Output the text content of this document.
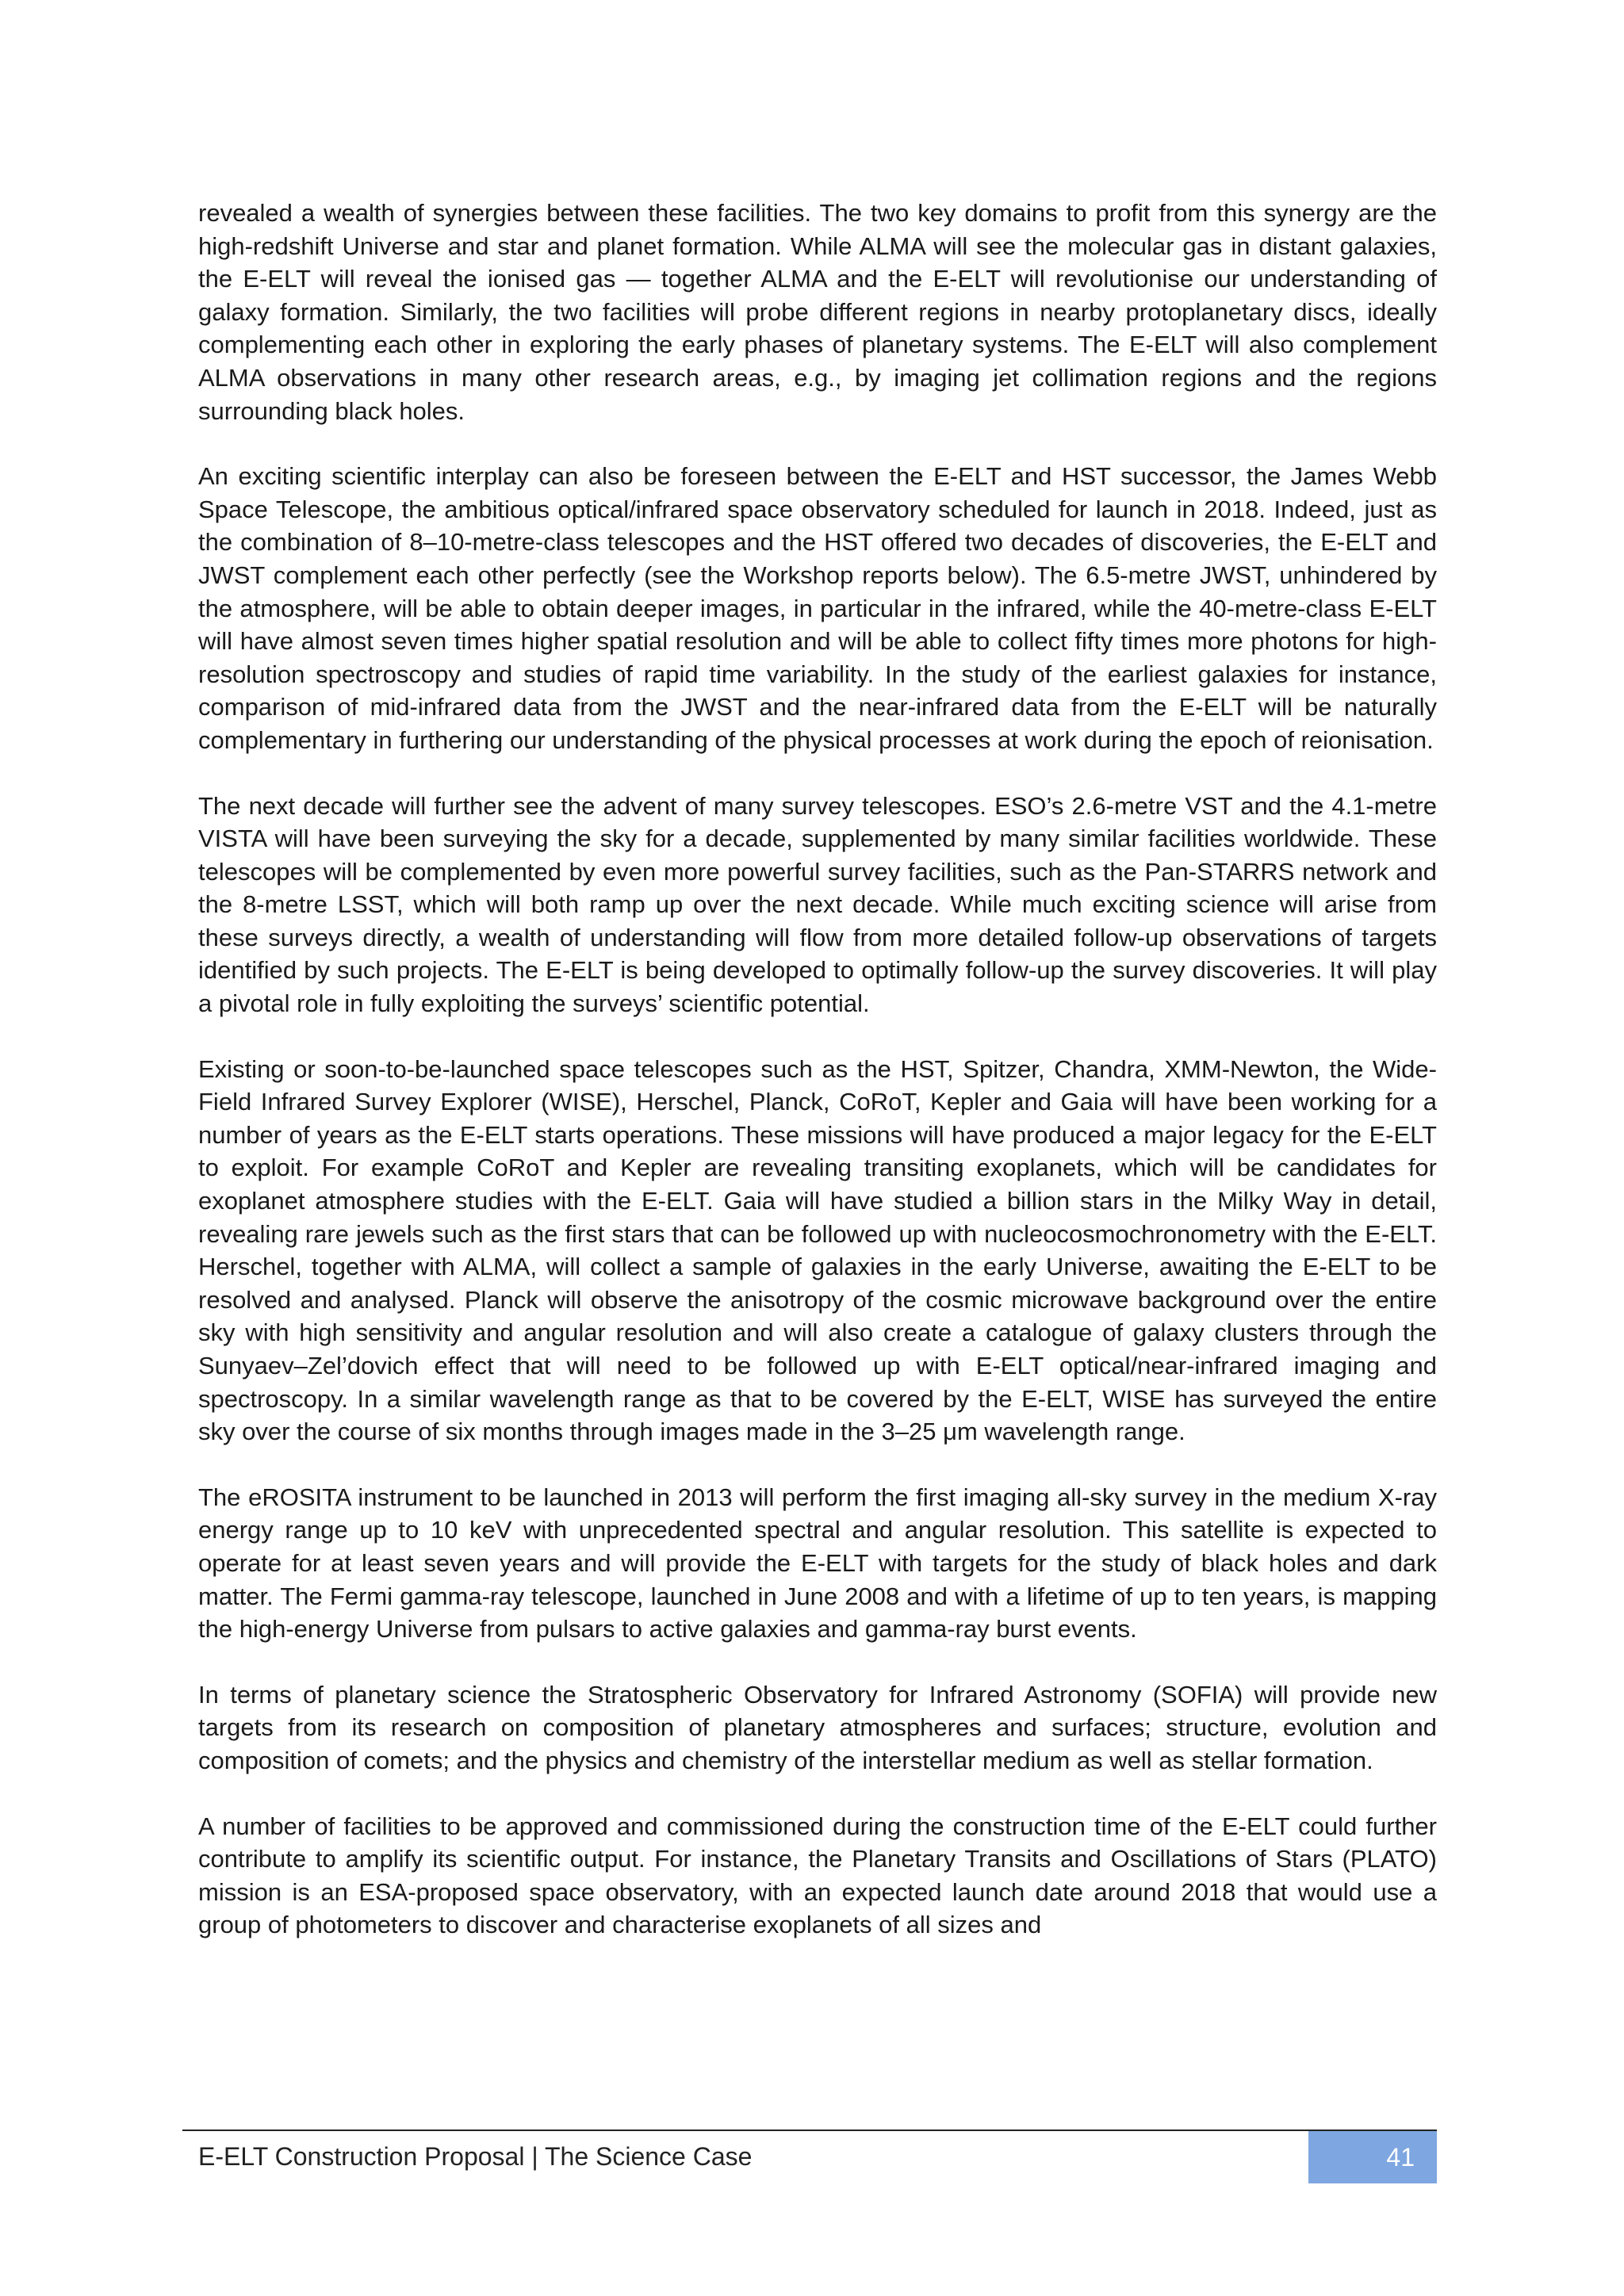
revealed a wealth of synergies between these facilities. The two key domains to profit from this synergy are the high-redshift Universe and star and planet formation. While ALMA will see the molecular gas in distant galaxies, the E-ELT will reveal the ionised gas — together ALMA and the E-ELT will revolutionise our understanding of galaxy formation. Similarly, the two facilities will probe different regions in nearby protoplanetary discs, ideally complementing each other in exploring the early phases of planetary systems. The E-ELT will also complement ALMA observations in many other research areas, e.g., by imaging jet collimation regions and the regions surrounding black holes.

An exciting scientific interplay can also be foreseen between the E-ELT and HST successor, the James Webb Space Telescope, the ambitious optical/infrared space observatory scheduled for launch in 2018. Indeed, just as the combination of 8–10-metre-class telescopes and the HST offered two decades of discoveries, the E-ELT and JWST complement each other perfectly (see the Workshop reports below). The 6.5-metre JWST, unhindered by the atmosphere, will be able to obtain deeper images, in particular in the infrared, while the 40-metre-class E-ELT will have almost seven times higher spatial resolution and will be able to collect fifty times more photons for high-resolution spectroscopy and studies of rapid time variability. In the study of the earliest galaxies for instance, comparison of mid-infrared data from the JWST and the near-infrared data from the E-ELT will be naturally complementary in furthering our understanding of the physical processes at work during the epoch of reionisation.

The next decade will further see the advent of many survey telescopes. ESO’s 2.6-metre VST and the 4.1-metre VISTA will have been surveying the sky for a decade, supplemented by many similar facilities worldwide. These telescopes will be complemented by even more powerful survey facilities, such as the Pan-STARRS network and the 8-metre LSST, which will both ramp up over the next decade. While much exciting science will arise from these surveys directly, a wealth of understanding will flow from more detailed follow-up observations of targets identified by such projects. The E-ELT is being developed to optimally follow-up the survey discoveries. It will play a pivotal role in fully exploiting the surveys’ scientific potential.

Existing or soon-to-be-launched space telescopes such as the HST, Spitzer, Chandra, XMM-Newton, the Wide-Field Infrared Survey Explorer (WISE), Herschel, Planck, CoRoT, Kepler and Gaia will have been working for a number of years as the E-ELT starts operations. These missions will have produced a major legacy for the E-ELT to exploit. For example CoRoT and Kepler are revealing transiting exoplanets, which will be candidates for exoplanet atmosphere studies with the E-ELT. Gaia will have studied a billion stars in the Milky Way in detail, revealing rare jewels such as the first stars that can be followed up with nucleocosmochronometry with the E-ELT. Herschel, together with ALMA, will collect a sample of galaxies in the early Universe, awaiting the E-ELT to be resolved and analysed. Planck will observe the anisotropy of the cosmic microwave background over the entire sky with high sensitivity and angular resolution and will also create a catalogue of galaxy clusters through the Sunyaev–Zel’dovich effect that will need to be followed up with E-ELT optical/near-infrared imaging and spectroscopy. In a similar wavelength range as that to be covered by the E-ELT, WISE has surveyed the entire sky over the course of six months through images made in the 3–25 μm wavelength range.

The eROSITA instrument to be launched in 2013 will perform the first imaging all-sky survey in the medium X-ray energy range up to 10 keV with unprecedented spectral and angular resolution. This satellite is expected to operate for at least seven years and will provide the E-ELT with targets for the study of black holes and dark matter. The Fermi gamma-ray telescope, launched in June 2008 and with a lifetime of up to ten years, is mapping the high-energy Universe from pulsars to active galaxies and gamma-ray burst events.

In terms of planetary science the Stratospheric Observatory for Infrared Astronomy (SOFIA) will provide new targets from its research on composition of planetary atmospheres and surfaces; structure, evolution and composition of comets; and the physics and chemistry of the interstellar medium as well as stellar formation.

A number of facilities to be approved and commissioned during the construction time of the E-ELT could further contribute to amplify its scientific output. For instance, the Planetary Transits and Oscillations of Stars (PLATO) mission is an ESA-proposed space observatory, with an expected launch date around 2018 that would use a group of photometers to discover and characterise exoplanets of all sizes and

E-ELT Construction Proposal | The Science Case	41
